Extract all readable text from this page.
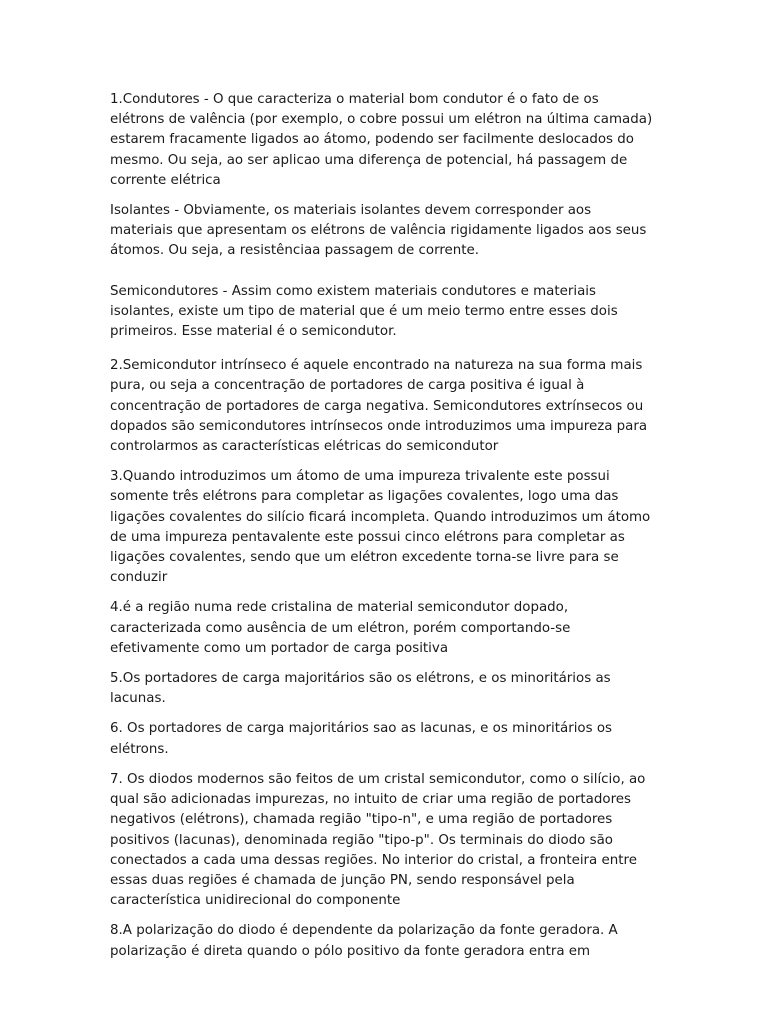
1.Condutores - O que caracteriza o material bom condutor é o fato de os elétrons de valência (por exemplo, o cobre possui um elétron na última camada) estarem fracamente ligados ao átomo, podendo ser facilmente deslocados do mesmo. Ou seja, ao ser aplicao uma diferença de potencial, há passagem de corrente elétrica

Isolantes - Obviamente, os materiais isolantes devem corresponder aos materiais que apresentam os elétrons de valência rigidamente ligados aos seus átomos. Ou seja, a resistênciaa passagem de corrente.

Semicondutores - Assim como existem materiais condutores e materiais isolantes, existe um tipo de material que é um meio termo entre esses dois primeiros. Esse material é o semicondutor.

2.Semicondutor intrínseco é aquele encontrado na natureza na sua forma mais pura, ou seja a concentração de portadores de carga positiva é igual à concentração de portadores de carga negativa. Semicondutores extrínsecos ou dopados são semicondutores intrínsecos onde introduzimos uma impureza para controlarmos as características elétricas do semicondutor

3.Quando introduzimos um átomo de uma impureza trivalente este possui somente três elétrons para completar as ligações covalentes, logo uma das ligações covalentes do silício ficará incompleta. Quando introduzimos um átomo de uma impureza pentavalente este possui cinco elétrons para completar as ligações covalentes, sendo que um elétron excedente torna-se livre para se conduzir

4.é a região numa rede cristalina de material semicondutor dopado, caracterizada como ausência de um elétron, porém comportando-se efetivamente como um portador de carga positiva

5.Os portadores de carga majoritários são os elétrons, e os minoritários as lacunas.

6. Os portadores de carga majoritários sao as lacunas, e os minoritários os elétrons.

7. Os diodos modernos são feitos de um cristal semicondutor, como o silício, ao qual são adicionadas impurezas, no intuito de criar uma região de portadores negativos (elétrons), chamada região "tipo-n", e uma região de portadores positivos (lacunas), denominada região "tipo-p". Os terminais do diodo são conectados a cada uma dessas regiões. No interior do cristal, a fronteira entre essas duas regiões é chamada de junção PN, sendo responsável pela característica unidirecional do componente

8.A polarização do diodo é dependente da polarização da fonte geradora. A polarização é direta quando o pólo positivo da fonte geradora entra em
